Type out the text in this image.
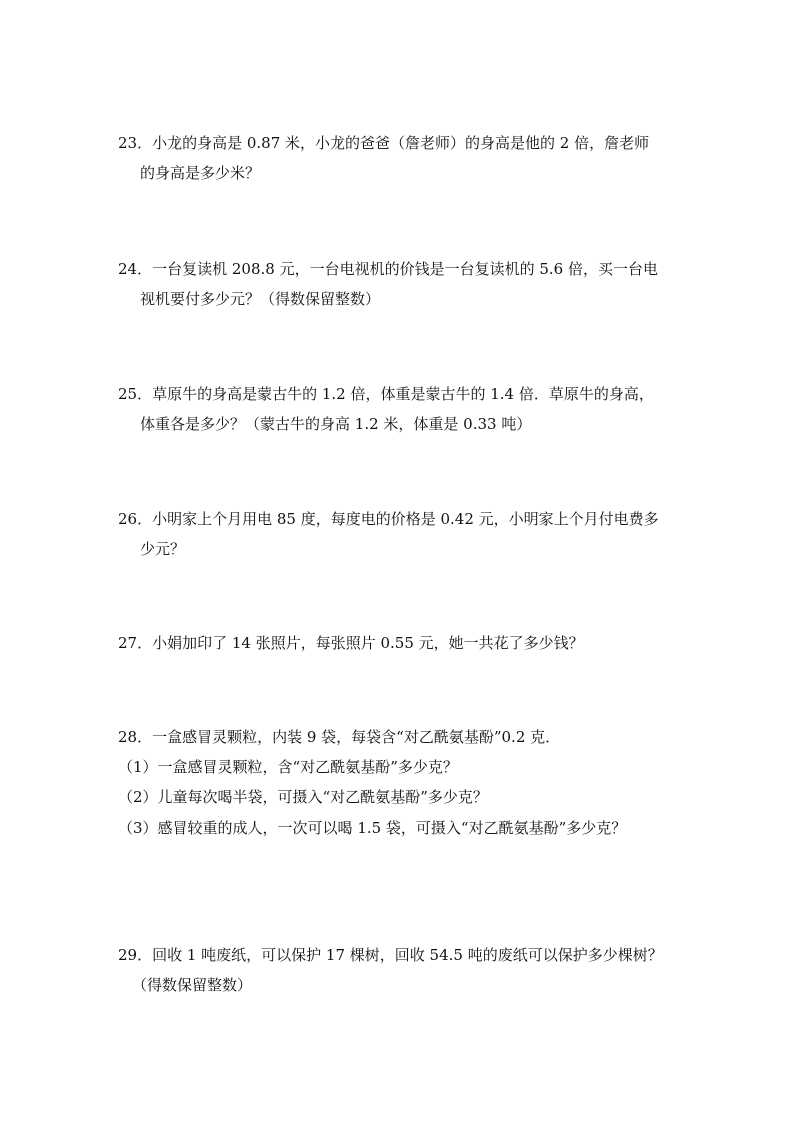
23．小龙的身高是 0.87 米，小龙的爸爸（詹老师）的身高是他的 2 倍，詹老师
的身高是多少米？
24．一台复读机 208.8 元，一台电视机的价钱是一台复读机的 5.6 倍，买一台电
视机要付多少元？（得数保留整数）
25．草原牛的身高是蒙古牛的 1.2 倍，体重是蒙古牛的 1.4 倍．草原牛的身高，
体重各是多少？（蒙古牛的身高 1.2 米，体重是 0.33 吨）
26．小明家上个月用电 85 度，每度电的价格是 0.42 元，小明家上个月付电费多
少元？
27．小娟加印了 14 张照片，每张照片 0.55 元，她一共花了多少钱？
28．一盒感冒灵颗粒，内装 9 袋，每袋含“对乙酰氨基酚”0.2 克．
（1）一盒感冒灵颗粒，含“对乙酰氨基酚”多少克？
（2）儿童每次喝半袋，可摄入“对乙酰氨基酚”多少克？
（3）感冒较重的成人，一次可以喝 1.5 袋，可摄入“对乙酰氨基酚”多少克？
29．回收 1 吨废纸，可以保护 17 棵树，回收 54.5 吨的废纸可以保护多少棵树？
（得数保留整数）
